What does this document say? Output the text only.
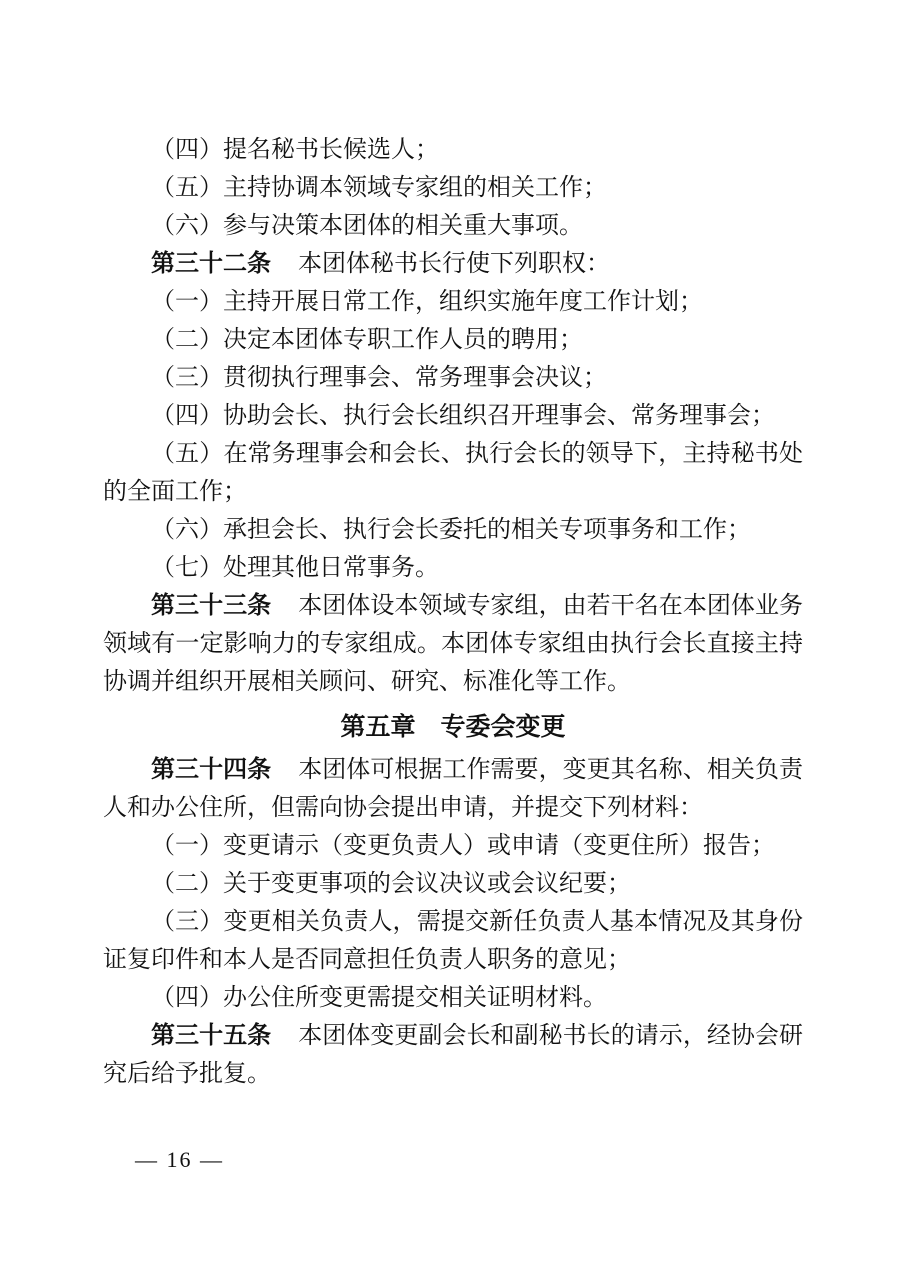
（四）提名秘书长候选人；
（五）主持协调本领域专家组的相关工作；
（六）参与决策本团体的相关重大事项。
第三十二条 本团体秘书长行使下列职权：
（一）主持开展日常工作，组织实施年度工作计划；
（二）决定本团体专职工作人员的聘用；
（三）贯彻执行理事会、常务理事会决议；
（四）协助会长、执行会长组织召开理事会、常务理事会；
（五）在常务理事会和会长、执行会长的领导下，主持秘书处的全面工作；
（六）承担会长、执行会长委托的相关专项事务和工作；
（七）处理其他日常事务。
第三十三条 本团体设本领域专家组，由若干名在本团体业务领域有一定影响力的专家组成。本团体专家组由执行会长直接主持协调并组织开展相关顾问、研究、标准化等工作。
第五章　专委会变更
第三十四条 本团体可根据工作需要，变更其名称、相关负责人和办公住所，但需向协会提出申请，并提交下列材料：
（一）变更请示（变更负责人）或申请（变更住所）报告；
（二）关于变更事项的会议决议或会议纪要；
（三）变更相关负责人，需提交新任负责人基本情况及其身份证复印件和本人是否同意担任负责人职务的意见；
（四）办公住所变更需提交相关证明材料。
第三十五条 本团体变更副会长和副秘书长的请示，经协会研究后给予批复。
— 16 —
